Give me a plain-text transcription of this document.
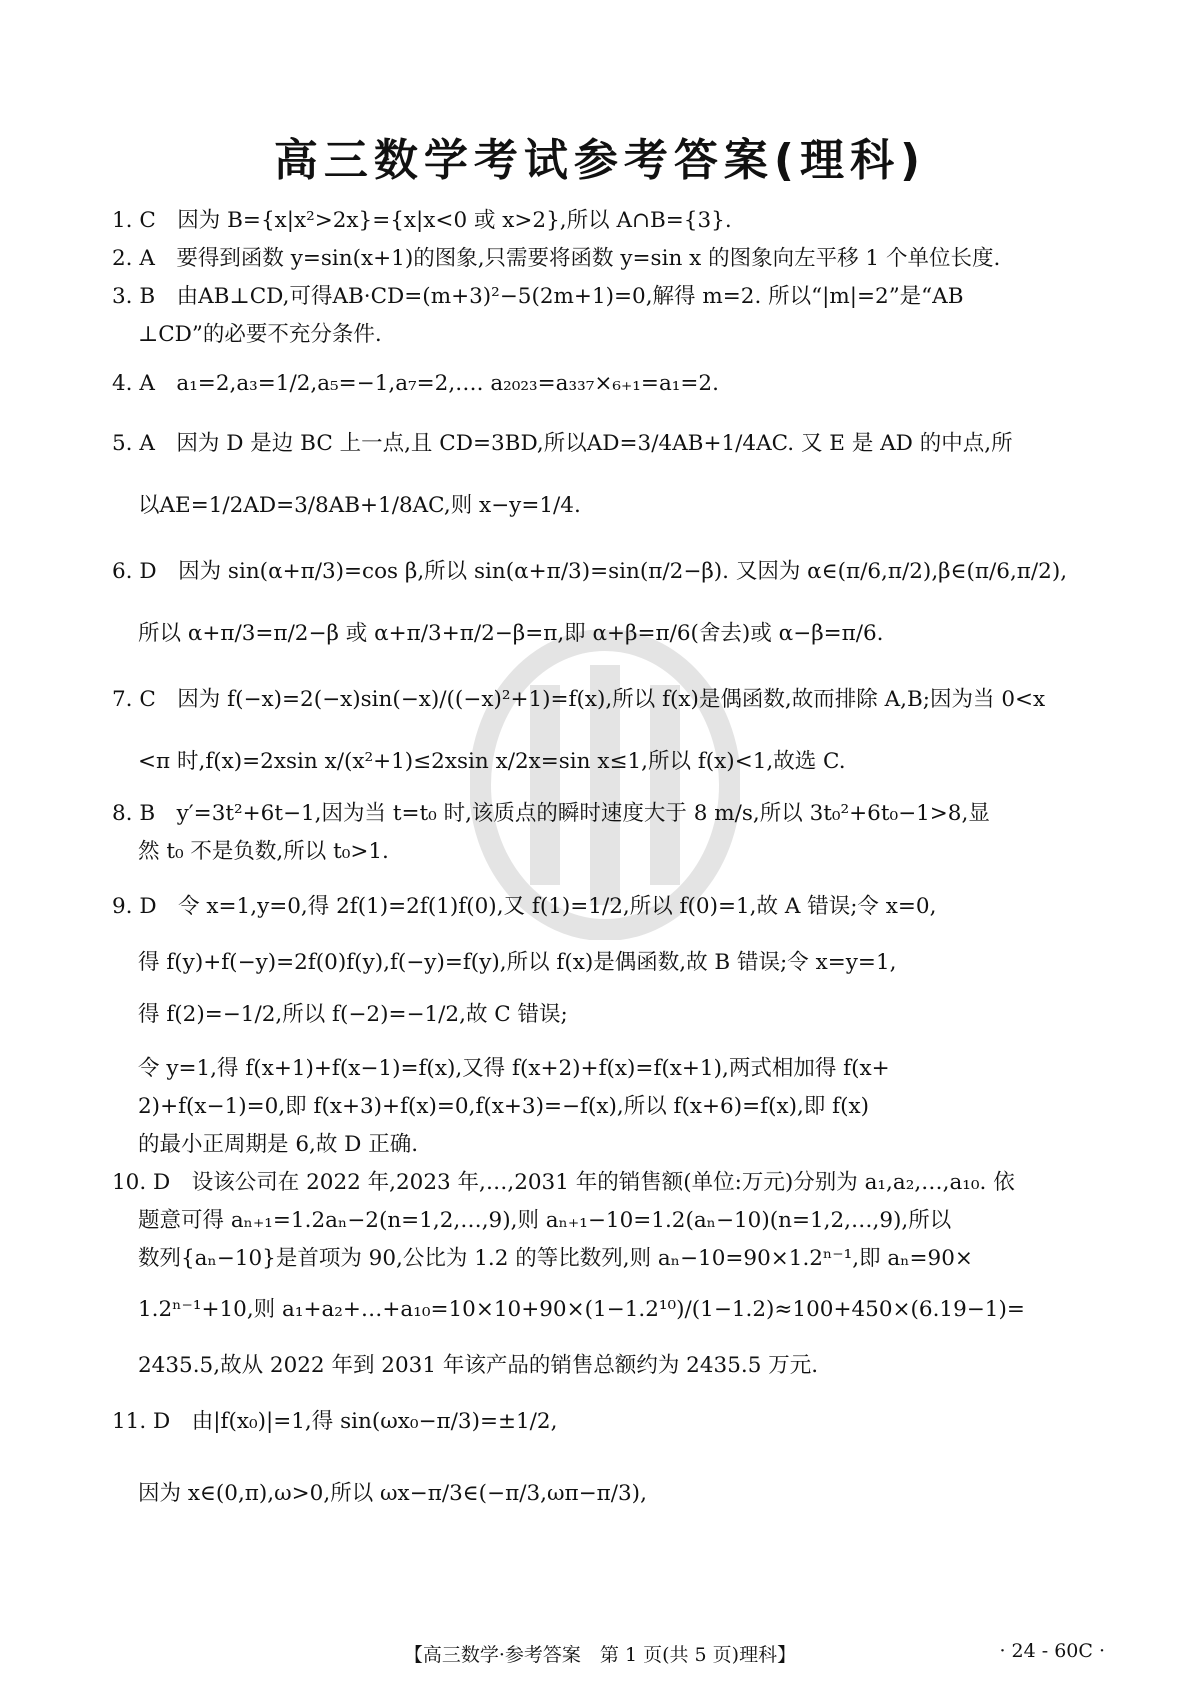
高三数学考试参考答案(理科)
1. C　因为 B={x|x²>2x}={x|x<0 或 x>2},所以 A∩B={3}.
2. A　要得到函数 y=sin(x+1)的图象,只需要将函数 y=sin x 的图象向左平移 1 个单位长度.
3. B　由AB⊥CD,可得AB·CD=(m+3)²−5(2m+1)=0,解得 m=2. 所以“|m|=2”是“AB
⊥CD”的必要不充分条件.
4. A　a₁=2,a₃=1/2,a₅=−1,a₇=2,…. a₂₀₂₃=a₃₃₇×₆₊₁=a₁=2.
5. A　因为 D 是边 BC 上一点,且 CD=3BD,所以AD=3/4AB+1/4AC. 又 E 是 AD 的中点,所
以AE=1/2AD=3/8AB+1/8AC,则 x−y=1/4.
6. D　因为 sin(α+π/3)=cos β,所以 sin(α+π/3)=sin(π/2−β). 又因为 α∈(π/6,π/2),β∈(π/6,π/2),
所以 α+π/3=π/2−β 或 α+π/3+π/2−β=π,即 α+β=π/6(舍去)或 α−β=π/6.
7. C　因为 f(−x)=2(−x)sin(−x)/((−x)²+1)=f(x),所以 f(x)是偶函数,故而排除 A,B;因为当 0<x
<π 时,f(x)=2xsin x/(x²+1)≤2xsin x/2x=sin x≤1,所以 f(x)<1,故选 C.
8. B　y′=3t²+6t−1,因为当 t=t₀ 时,该质点的瞬时速度大于 8 m/s,所以 3t₀²+6t₀−1>8,显
然 t₀ 不是负数,所以 t₀>1.
9. D　令 x=1,y=0,得 2f(1)=2f(1)f(0),又 f(1)=1/2,所以 f(0)=1,故 A 错误;令 x=0,
得 f(y)+f(−y)=2f(0)f(y),f(−y)=f(y),所以 f(x)是偶函数,故 B 错误;令 x=y=1,
得 f(2)=−1/2,所以 f(−2)=−1/2,故 C 错误;
令 y=1,得 f(x+1)+f(x−1)=f(x),又得 f(x+2)+f(x)=f(x+1),两式相加得 f(x+
2)+f(x−1)=0,即 f(x+3)+f(x)=0,f(x+3)=−f(x),所以 f(x+6)=f(x),即 f(x)
的最小正周期是 6,故 D 正确.
10. D　设该公司在 2022 年,2023 年,…,2031 年的销售额(单位:万元)分别为 a₁,a₂,…,a₁₀. 依
题意可得 aₙ₊₁=1.2aₙ−2(n=1,2,…,9),则 aₙ₊₁−10=1.2(aₙ−10)(n=1,2,…,9),所以
数列{aₙ−10}是首项为 90,公比为 1.2 的等比数列,则 aₙ−10=90×1.2ⁿ⁻¹,即 aₙ=90×
1.2ⁿ⁻¹+10,则 a₁+a₂+…+a₁₀=10×10+90×(1−1.2¹⁰)/(1−1.2)≈100+450×(6.19−1)=
2435.5,故从 2022 年到 2031 年该产品的销售总额约为 2435.5 万元.
11. D　由|f(x₀)|=1,得 sin(ωx₀−π/3)=±1/2,
因为 x∈(0,π),ω>0,所以 ωx−π/3∈(−π/3,ωπ−π/3),
【高三数学·参考答案　第 1 页(共 5 页)理科】	· 24 - 60C ·
